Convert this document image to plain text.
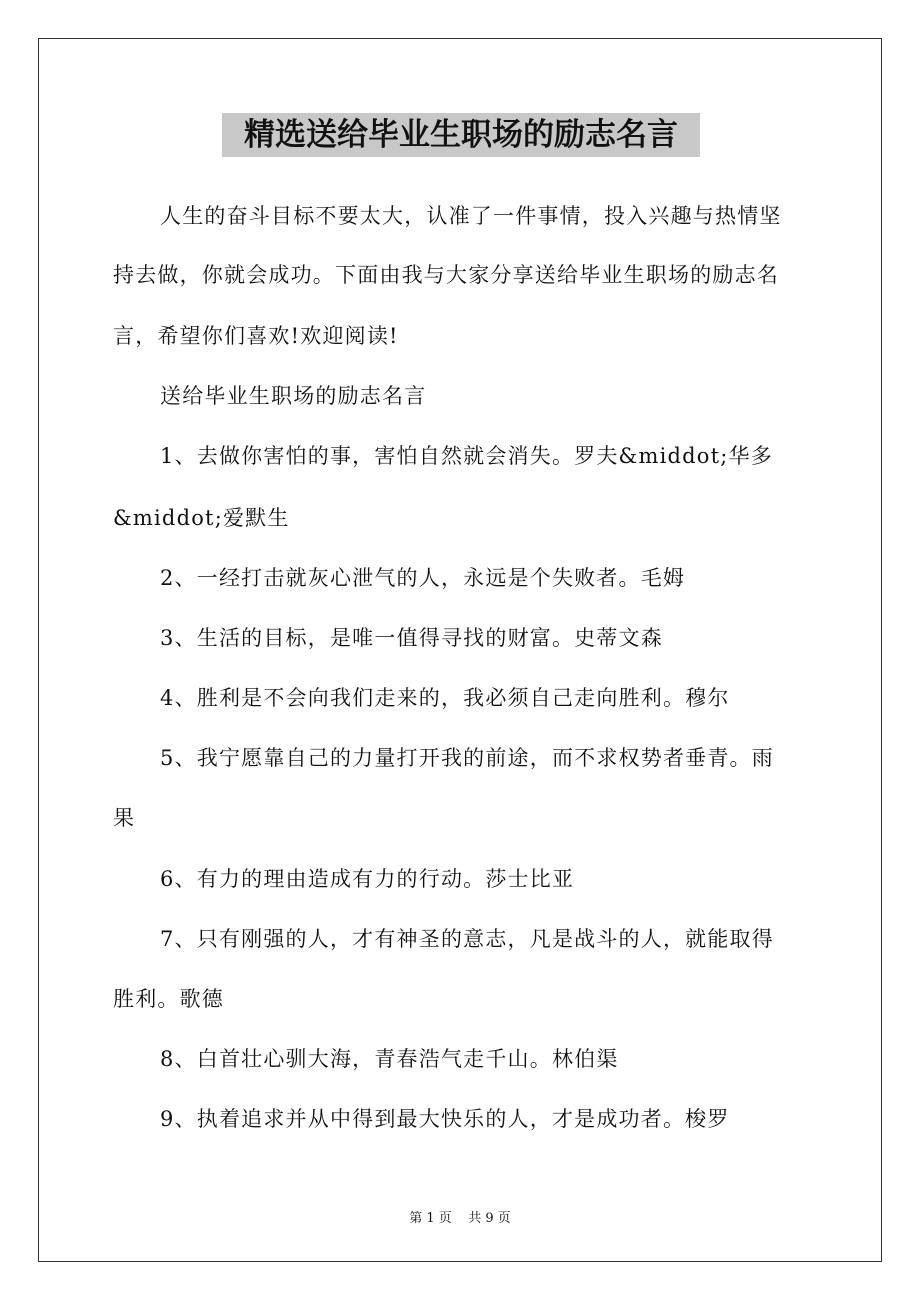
精选送给毕业生职场的励志名言
人生的奋斗目标不要太大，认准了一件事情，投入兴趣与热情坚
持去做，你就会成功。下面由我与大家分享送给毕业生职场的励志名
言，希望你们喜欢!欢迎阅读!
送给毕业生职场的励志名言
1、去做你害怕的事，害怕自然就会消失。罗夫&middot;华多
&middot;爱默生
2、一经打击就灰心泄气的人，永远是个失败者。毛姆
3、生活的目标，是唯一值得寻找的财富。史蒂文森
4、胜利是不会向我们走来的，我必须自己走向胜利。穆尔
5、我宁愿靠自己的力量打开我的前途，而不求权势者垂青。雨
果
6、有力的理由造成有力的行动。莎士比亚
7、只有刚强的人，才有神圣的意志，凡是战斗的人，就能取得
胜利。歌德
8、白首壮心驯大海，青春浩气走千山。林伯渠
9、执着追求并从中得到最大快乐的人，才是成功者。梭罗
第 1 页    共 9 页
